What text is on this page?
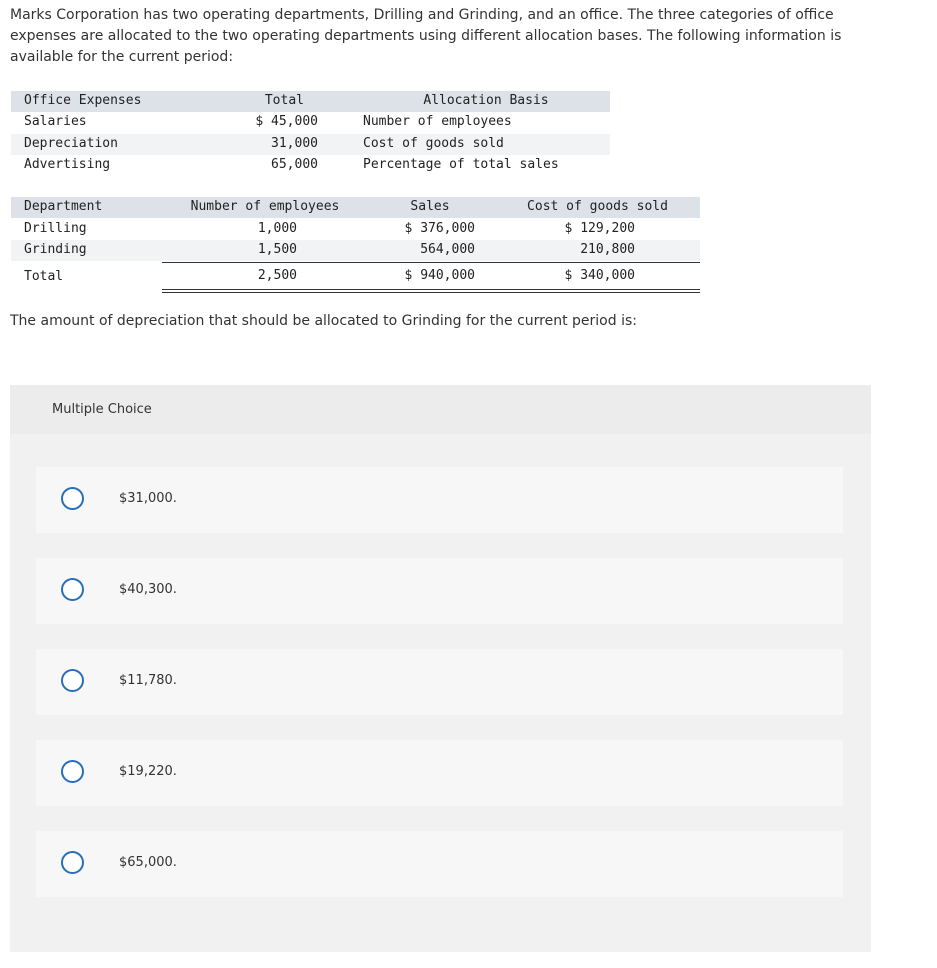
Marks Corporation has two operating departments, Drilling and Grinding, and an office. The three categories of office expenses are allocated to the two operating departments using different allocation bases. The following information is available for the current period:
Office Expenses	Total	Allocation Basis
Salaries	$ 45,000	Number of employees
Depreciation	31,000	Cost of goods sold
Advertising	65,000	Percentage of total sales
Department	Number of employees	Sales	Cost of goods sold
Drilling	1,000	$ 376,000	$ 129,200
Grinding	1,500	564,000	210,800
Total	2,500	$ 940,000	$ 340,000
The amount of depreciation that should be allocated to Grinding for the current period is:
Multiple Choice
$31,000.
$40,300.
$11,780.
$19,220.
$65,000.
